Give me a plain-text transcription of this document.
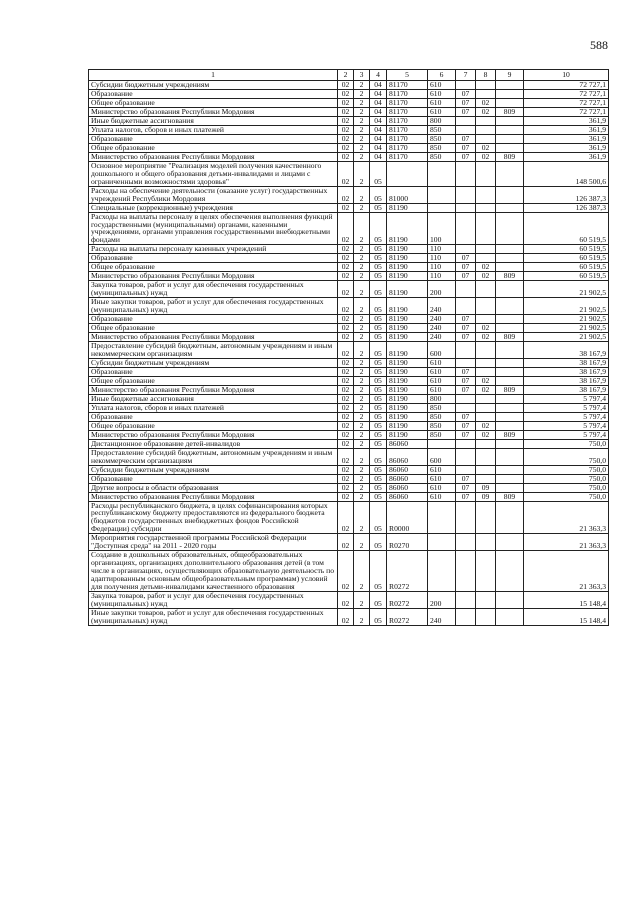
588
1	2	3	4	5	6	7	8	9	10
Субсидии бюджетным учреждениям	02	2	04	81170	610				72 727,1
Образование	02	2	04	81170	610	07			72 727,1
Общее образование	02	2	04	81170	610	07	02		72 727,1
Министерство образования Республики Мордовия	02	2	04	81170	610	07	02	809	72 727,1
Иные бюджетные ассигнования	02	2	04	81170	800				361,9
Уплата налогов, сборов и иных платежей	02	2	04	81170	850				361,9
Образование	02	2	04	81170	850	07			361,9
Общее образование	02	2	04	81170	850	07	02		361,9
Министерство образования Республики Мордовия	02	2	04	81170	850	07	02	809	361,9
Основное мероприятие "Реализация моделей получения качественного дошкольного и общего образования детьми-инвалидами и лицами с ограниченными возможностями здоровья"	02	2	05						148 500,6
Расходы на обеспечение деятельности (оказание услуг) государственных учреждений Республики Мордовия	02	2	05	81000					126 387,3
Специальные (коррекционные) учреждения	02	2	05	81190					126 387,3
Расходы на выплаты персоналу в целях обеспечения выполнения функций государственными (муниципальными) органами, казенными учреждениями, органами управления государственными внебюджетными фондами	02	2	05	81190	100				60 519,5
Расходы на выплаты персоналу казенных учреждений	02	2	05	81190	110				60 519,5
Образование	02	2	05	81190	110	07			60 519,5
Общее образование	02	2	05	81190	110	07	02		60 519,5
Министерство образования Республики Мордовия	02	2	05	81190	110	07	02	809	60 519,5
Закупка товаров, работ и услуг для обеспечения государственных (муниципальных) нужд	02	2	05	81190	200				21 902,5
Иные закупки товаров, работ и услуг для обеспечения государственных (муниципальных) нужд	02	2	05	81190	240				21 902,5
Образование	02	2	05	81190	240	07			21 902,5
Общее образование	02	2	05	81190	240	07	02		21 902,5
Министерство образования Республики Мордовия	02	2	05	81190	240	07	02	809	21 902,5
Предоставление субсидий бюджетным, автономным учреждениям и иным некоммерческим организациям	02	2	05	81190	600				38 167,9
Субсидии бюджетным учреждениям	02	2	05	81190	610				38 167,9
Образование	02	2	05	81190	610	07			38 167,9
Общее образование	02	2	05	81190	610	07	02		38 167,9
Министерство образования Республики Мордовия	02	2	05	81190	610	07	02	809	38 167,9
Иные бюджетные ассигнования	02	2	05	81190	800				5 797,4
Уплата налогов, сборов и иных платежей	02	2	05	81190	850				5 797,4
Образование	02	2	05	81190	850	07			5 797,4
Общее образование	02	2	05	81190	850	07	02		5 797,4
Министерство образования Республики Мордовия	02	2	05	81190	850	07	02	809	5 797,4
Дистанционное образование детей-инвалидов	02	2	05	86060					750,0
Предоставление субсидий бюджетным, автономным учреждениям и иным некоммерческим организациям	02	2	05	86060	600				750,0
Субсидии бюджетным учреждениям	02	2	05	86060	610				750,0
Образование	02	2	05	86060	610	07			750,0
Другие вопросы в области образования	02	2	05	86060	610	07	09		750,0
Министерство образования Республики Мордовия	02	2	05	86060	610	07	09	809	750,0
Расходы республиканского бюджета, в целях софинансирования которых республиканскому бюджету предоставляются из федерального бюджета (бюджетов государственных внебюджетных фондов Российской Федерации) субсидии	02	2	05	R0000					21 363,3
Мероприятия государственной программы Российской Федерации "Доступная среда" на 2011 - 2020 годы	02	2	05	R0270					21 363,3
Создание в дошкольных образовательных, общеобразовательных организациях, организациях дополнительного образования детей (в том числе в организациях, осуществляющих образовательную деятельность по адаптированным основным общеобразовательным программам) условий для получения детьми-инвалидами качественного образования	02	2	05	R0272					21 363,3
Закупка товаров, работ и услуг для обеспечения государственных (муниципальных) нужд	02	2	05	R0272	200				15 148,4
Иные закупки товаров, работ и услуг для обеспечения государственных (муниципальных) нужд	02	2	05	R0272	240				15 148,4
